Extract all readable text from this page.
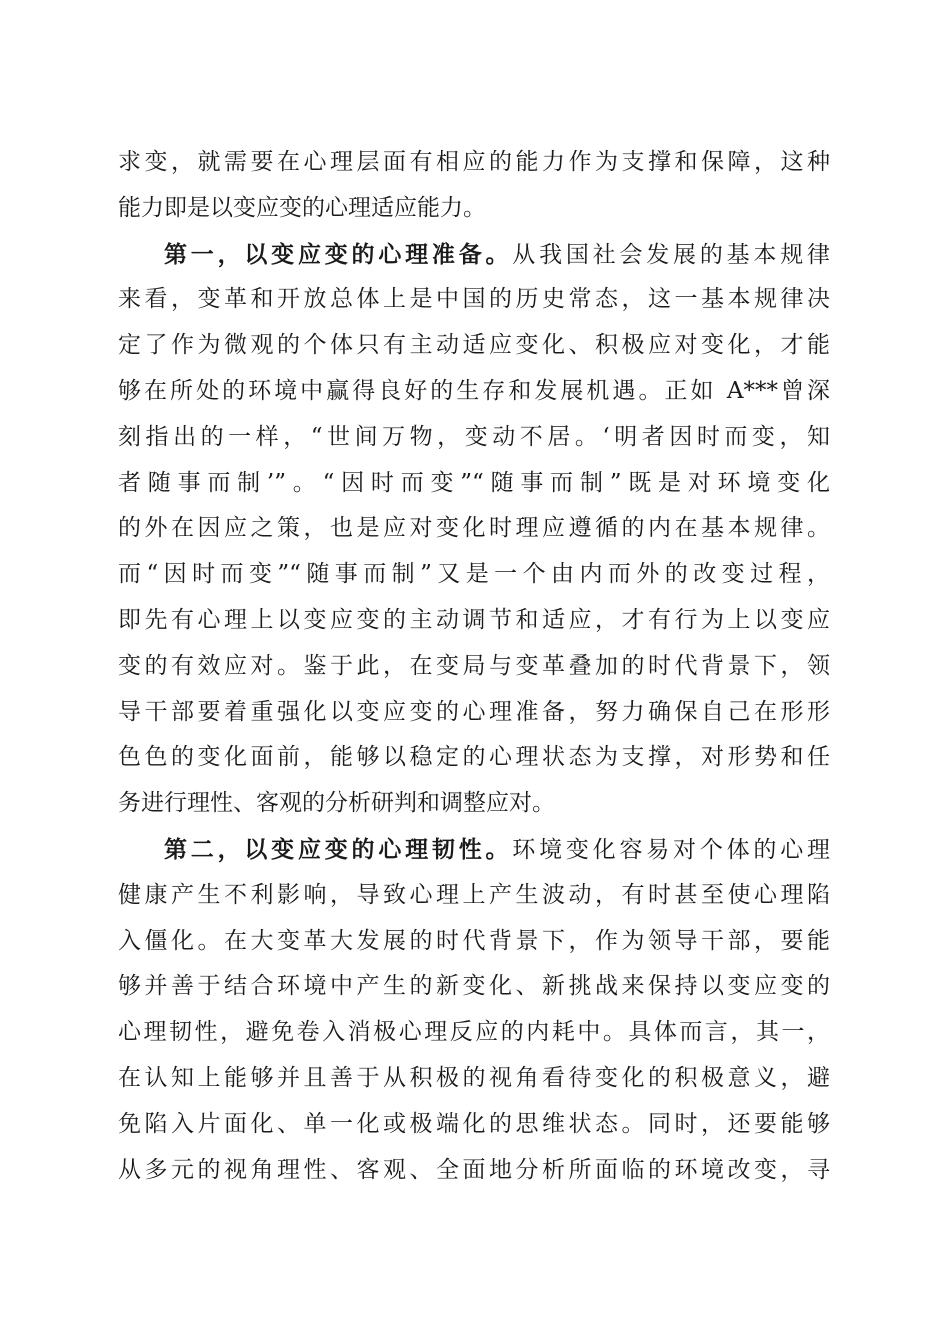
求变，就需要在心理层面有相应的能力作为支撑和保障，这种
能力即是以变应变的心理适应能力。
第一，以变应变的心理准备。从我国社会发展的基本规律
来看，变革和开放总体上是中国的历史常态，这一基本规律决
定了作为微观的个体只有主动适应变化、积极应对变化，才能
够在所处的环境中赢得良好的生存和发展机遇。正如 A***曾深
刻指出的一样，“世间万物，变动不居。‘明者因时而变，知
者随事而制’”。“因时而变”“随事而制”既是对环境变化
的外在因应之策，也是应对变化时理应遵循的内在基本规律。
而“因时而变”“随事而制”又是一个由内而外的改变过程，
即先有心理上以变应变的主动调节和适应，才有行为上以变应
变的有效应对。鉴于此，在变局与变革叠加的时代背景下，领
导干部要着重强化以变应变的心理准备，努力确保自己在形形
色色的变化面前，能够以稳定的心理状态为支撑，对形势和任
务进行理性、客观的分析研判和调整应对。
第二，以变应变的心理韧性。环境变化容易对个体的心理
健康产生不利影响，导致心理上产生波动，有时甚至使心理陷
入僵化。在大变革大发展的时代背景下，作为领导干部，要能
够并善于结合环境中产生的新变化、新挑战来保持以变应变的
心理韧性，避免卷入消极心理反应的内耗中。具体而言，其一，
在认知上能够并且善于从积极的视角看待变化的积极意义，避
免陷入片面化、单一化或极端化的思维状态。同时，还要能够
从多元的视角理性、客观、全面地分析所面临的环境改变，寻
